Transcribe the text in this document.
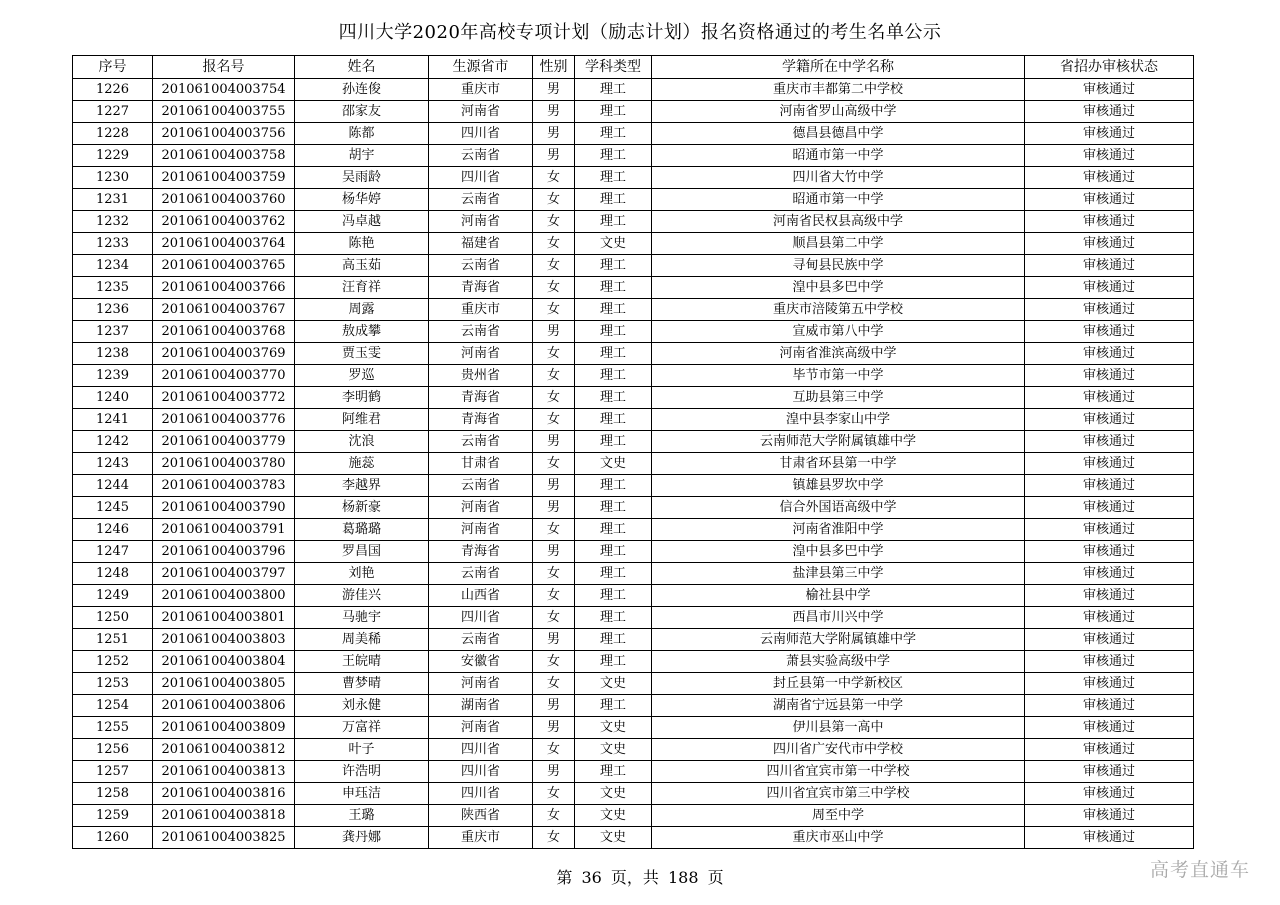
四川大学2020年高校专项计划（励志计划）报名资格通过的考生名单公示
序号	报名号	姓名	生源省市	性别	学科类型	学籍所在中学名称	省招办审核状态
1226	201061004003754	孙连俊	重庆市	男	理工	重庆市丰都第二中学校	审核通过
1227	201061004003755	邵家友	河南省	男	理工	河南省罗山高级中学	审核通过
1228	201061004003756	陈都	四川省	男	理工	德昌县德昌中学	审核通过
1229	201061004003758	胡宇	云南省	男	理工	昭通市第一中学	审核通过
1230	201061004003759	吴雨龄	四川省	女	理工	四川省大竹中学	审核通过
1231	201061004003760	杨华婷	云南省	女	理工	昭通市第一中学	审核通过
1232	201061004003762	冯卓越	河南省	女	理工	河南省民权县高级中学	审核通过
1233	201061004003764	陈艳	福建省	女	文史	顺昌县第二中学	审核通过
1234	201061004003765	高玉茹	云南省	女	理工	寻甸县民族中学	审核通过
1235	201061004003766	汪育祥	青海省	女	理工	湟中县多巴中学	审核通过
1236	201061004003767	周露	重庆市	女	理工	重庆市涪陵第五中学校	审核通过
1237	201061004003768	敖成攀	云南省	男	理工	宣威市第八中学	审核通过
1238	201061004003769	贾玉雯	河南省	女	理工	河南省淮滨高级中学	审核通过
1239	201061004003770	罗巡	贵州省	女	理工	毕节市第一中学	审核通过
1240	201061004003772	李明鹤	青海省	女	理工	互助县第三中学	审核通过
1241	201061004003776	阿维君	青海省	女	理工	湟中县李家山中学	审核通过
1242	201061004003779	沈浪	云南省	男	理工	云南师范大学附属镇雄中学	审核通过
1243	201061004003780	施蕊	甘肃省	女	文史	甘肃省环县第一中学	审核通过
1244	201061004003783	李越界	云南省	男	理工	镇雄县罗坎中学	审核通过
1245	201061004003790	杨新豪	河南省	男	理工	信合外国语高级中学	审核通过
1246	201061004003791	葛璐璐	河南省	女	理工	河南省淮阳中学	审核通过
1247	201061004003796	罗昌国	青海省	男	理工	湟中县多巴中学	审核通过
1248	201061004003797	刘艳	云南省	女	理工	盐津县第三中学	审核通过
1249	201061004003800	游佳兴	山西省	女	理工	榆社县中学	审核通过
1250	201061004003801	马驰宇	四川省	女	理工	西昌市川兴中学	审核通过
1251	201061004003803	周美稀	云南省	男	理工	云南师范大学附属镇雄中学	审核通过
1252	201061004003804	王皖晴	安徽省	女	理工	萧县实验高级中学	审核通过
1253	201061004003805	曹梦晴	河南省	女	文史	封丘县第一中学新校区	审核通过
1254	201061004003806	刘永健	湖南省	男	理工	湖南省宁远县第一中学	审核通过
1255	201061004003809	万富祥	河南省	男	文史	伊川县第一高中	审核通过
1256	201061004003812	叶子	四川省	女	文史	四川省广安代市中学校	审核通过
1257	201061004003813	许浩明	四川省	男	理工	四川省宜宾市第一中学校	审核通过
1258	201061004003816	申珏洁	四川省	女	文史	四川省宜宾市第三中学校	审核通过
1259	201061004003818	王璐	陕西省	女	文史	周至中学	审核通过
1260	201061004003825	龚丹娜	重庆市	女	文史	重庆市巫山中学	审核通过
第 36 页，共 188 页	高考直通车
